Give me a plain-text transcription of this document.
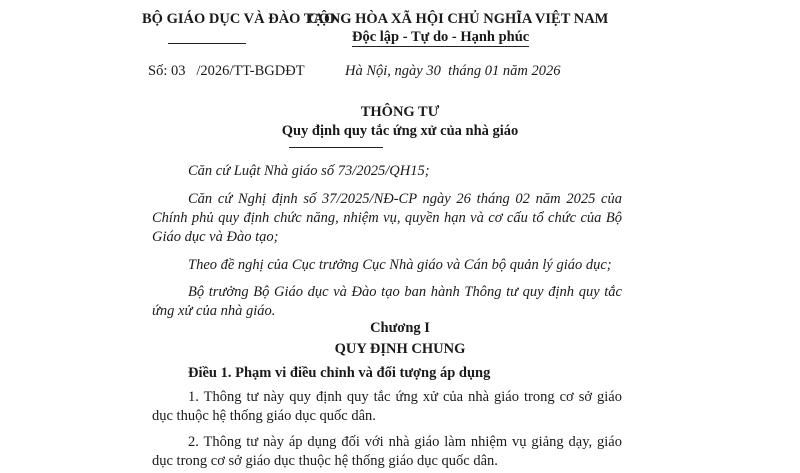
BỘ GIÁO DỤC VÀ ĐÀO TẠO
CỘNG HÒA XÃ HỘI CHỦ NGHĨA VIỆT NAM
Độc lập - Tự do - Hạnh phúc
Số: 03   /2026/TT-BGDĐT	Hà Nội, ngày 30  tháng 01 năm 2026
THÔNG TƯ
Quy định quy tắc ứng xử của nhà giáo
Căn cứ Luật Nhà giáo số 73/2025/QH15;
Căn cứ Nghị định số 37/2025/NĐ-CP ngày 26 tháng 02 năm 2025 của
Chính phủ quy định chức năng, nhiệm vụ, quyền hạn và cơ cấu tổ chức của Bộ
Giáo dục và Đào tạo;
Theo đề nghị của Cục trưởng Cục Nhà giáo và Cán bộ quản lý giáo dục;
Bộ trưởng Bộ Giáo dục và Đào tạo ban hành Thông tư quy định quy tắc
ứng xử của nhà giáo.
Chương I
QUY ĐỊNH CHUNG
Điều 1. Phạm vi điều chỉnh và đối tượng áp dụng
1. Thông tư này quy định quy tắc ứng xử của nhà giáo trong cơ sở giáo
dục thuộc hệ thống giáo dục quốc dân.
2. Thông tư này áp dụng đối với nhà giáo làm nhiệm vụ giảng dạy, giáo
dục trong cơ sở giáo dục thuộc hệ thống giáo dục quốc dân.
